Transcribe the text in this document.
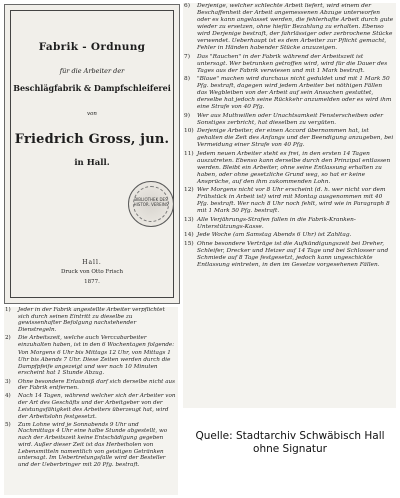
Fabrik - Ordnung
für die Arbeiter der
Beschlägfabrik & Dampfschleiferei
von
Friedrich Gross, jun.
in Hall.
BIBLIOTHEK DES HISTOR. VEREINS
Hall.
Druck von Otto Frisch
1877.
1) Jeder in der Fabrik angestellte Arbeiter verpflichtet sich durch seinen Eintritt zu dieselbe zu gewissenhafter Befolgung nachstehender Dienstregeln.
2) Die Arbeitszeit, welche auch Verccabarbeiter einzuhalten haben, ist in den 6 Wochentagen folgende:
Von Morgens 6 Uhr bis Mittags 12 Uhr, von Mittags 1 Uhr bis Abends 7 Uhr. Diese Zeiten werden durch die Dampfpfeife angezeigt und wer nach 10 Minuten erscheint hat 1 Stunde Abzug.
3) Ohne besondere Erlaubniß darf sich derselbe nicht aus der Fabrik entfernen.
4) Nach 14 Tagen, während welcher sich der Arbeiter von der Art des Geschäfts und der Arbeitgeber von der Leistungsfähigkeit des Arbeiters überzeugt hat, wird der Arbeitslohn festgesetzt.
5) Zum Lohne wird je Sonnabends 9 Uhr und Nachmittags 4 Uhr eine halbe Stunde abgestellt, wo nach der Arbeitszeit keine Entschädigung gegeben wird. Außer dieser Zeit ist das Herbeiholen von Lebensmitteln namentlich von geistigen Getränken untersagt. Im Uebertretungsfalle wird der Besteller und der Ueberbringer mit 20 Pfg. bestraft.
6) Derjenige, welcher schlechte Arbeit liefert, wird einem der Beschaffenheit der Arbeit angemessenen Abzuge unterworfen oder es kann angelasset werden, die fehlerhafte Arbeit durch gute wieder zu ersetzen, ohne hiefür Bezahlung zu erhalten. Ebenso wird Derjenige bestraft, der fahrlässiger oder zerbrochene Stücke verwendet. Ueberhaupt ist es dem Arbeiter zur Pflicht gemacht, Fehler in Händen habender Stücke anzuzeigen.
7) Das "Rauchen" in der Fabrik während der Arbeitszeit ist untersagt. Wer betrunken getroffen wird, wird für die Dauer des Tages aus der Fabrik verwiesen und mit 1 Mark bestraft.
8) "Blaue" machen wird durchaus nicht geduldet und mit 1 Mark 50 Pfg. bestraft, dagegen wird jedem Arbeiter bei nöthigen Fällen das Wegbleiben von der Arbeit auf sein Ansuchen gestattet, derselbe hat jedoch seine Rückkehr anzumelden oder es wird ihm eine Strafe von 40 Pfg.
9) Wer aus Muthwillen oder Unachtsamkeit Fensterscheiben oder Sonstiges zerbricht, hat dieselben zu vergüten.
10) Derjenige Arbeiter, der einen Accord übernommen hat, ist gehalten die Zeit des Anfangs und der Beendigung anzugeben, bei Vermeidung einer Strafe von 40 Pfg.
11) Jedem neuen Arbeiter steht es frei, in den ersten 14 Tagen auszutreten. Ebenso kann derselbe durch den Prinzipal entlassen werden. Bleibt ein Arbeiter, ohne seine Entlassung erhalten zu haben, oder ohne gesetzliche Grund weg, so hat er keine Ansprüche, auf den ihm zukommenden Lohn.
12) Wer Morgens nicht vor 8 Uhr erscheint (d. h. wer nicht vor dem Frühstück in Arbeit ist) wird mit Montag ausgenommen mit 40 Pfg. bestraft. Wer nach 8 Uhr noch fehlt, wird wie in Paragraph 8 mit 1 Mark 50 Pfg. bestraft.
13) Alle Verjährungs-Strafen fallen in die Fabrik-Kranken-Unterstützungs-Kasse.
14) Jede Woche (am Samstag Abends 6 Uhr) ist Zahltag.
15) Ohne besondere Verträge ist die Aufkündigungszeit bei Dreher, Schleifer, Drecker und Heizer auf 14 Tage und bei Schlosser und Schmiede auf 8 Tage festgesetzt, jedoch kann ungeschickte Entlassung eintreten, in den im Gesetze vorgesehenen Fällen.
Quelle: Stadtarchiv Schwäbisch Hall
ohne Signatur
